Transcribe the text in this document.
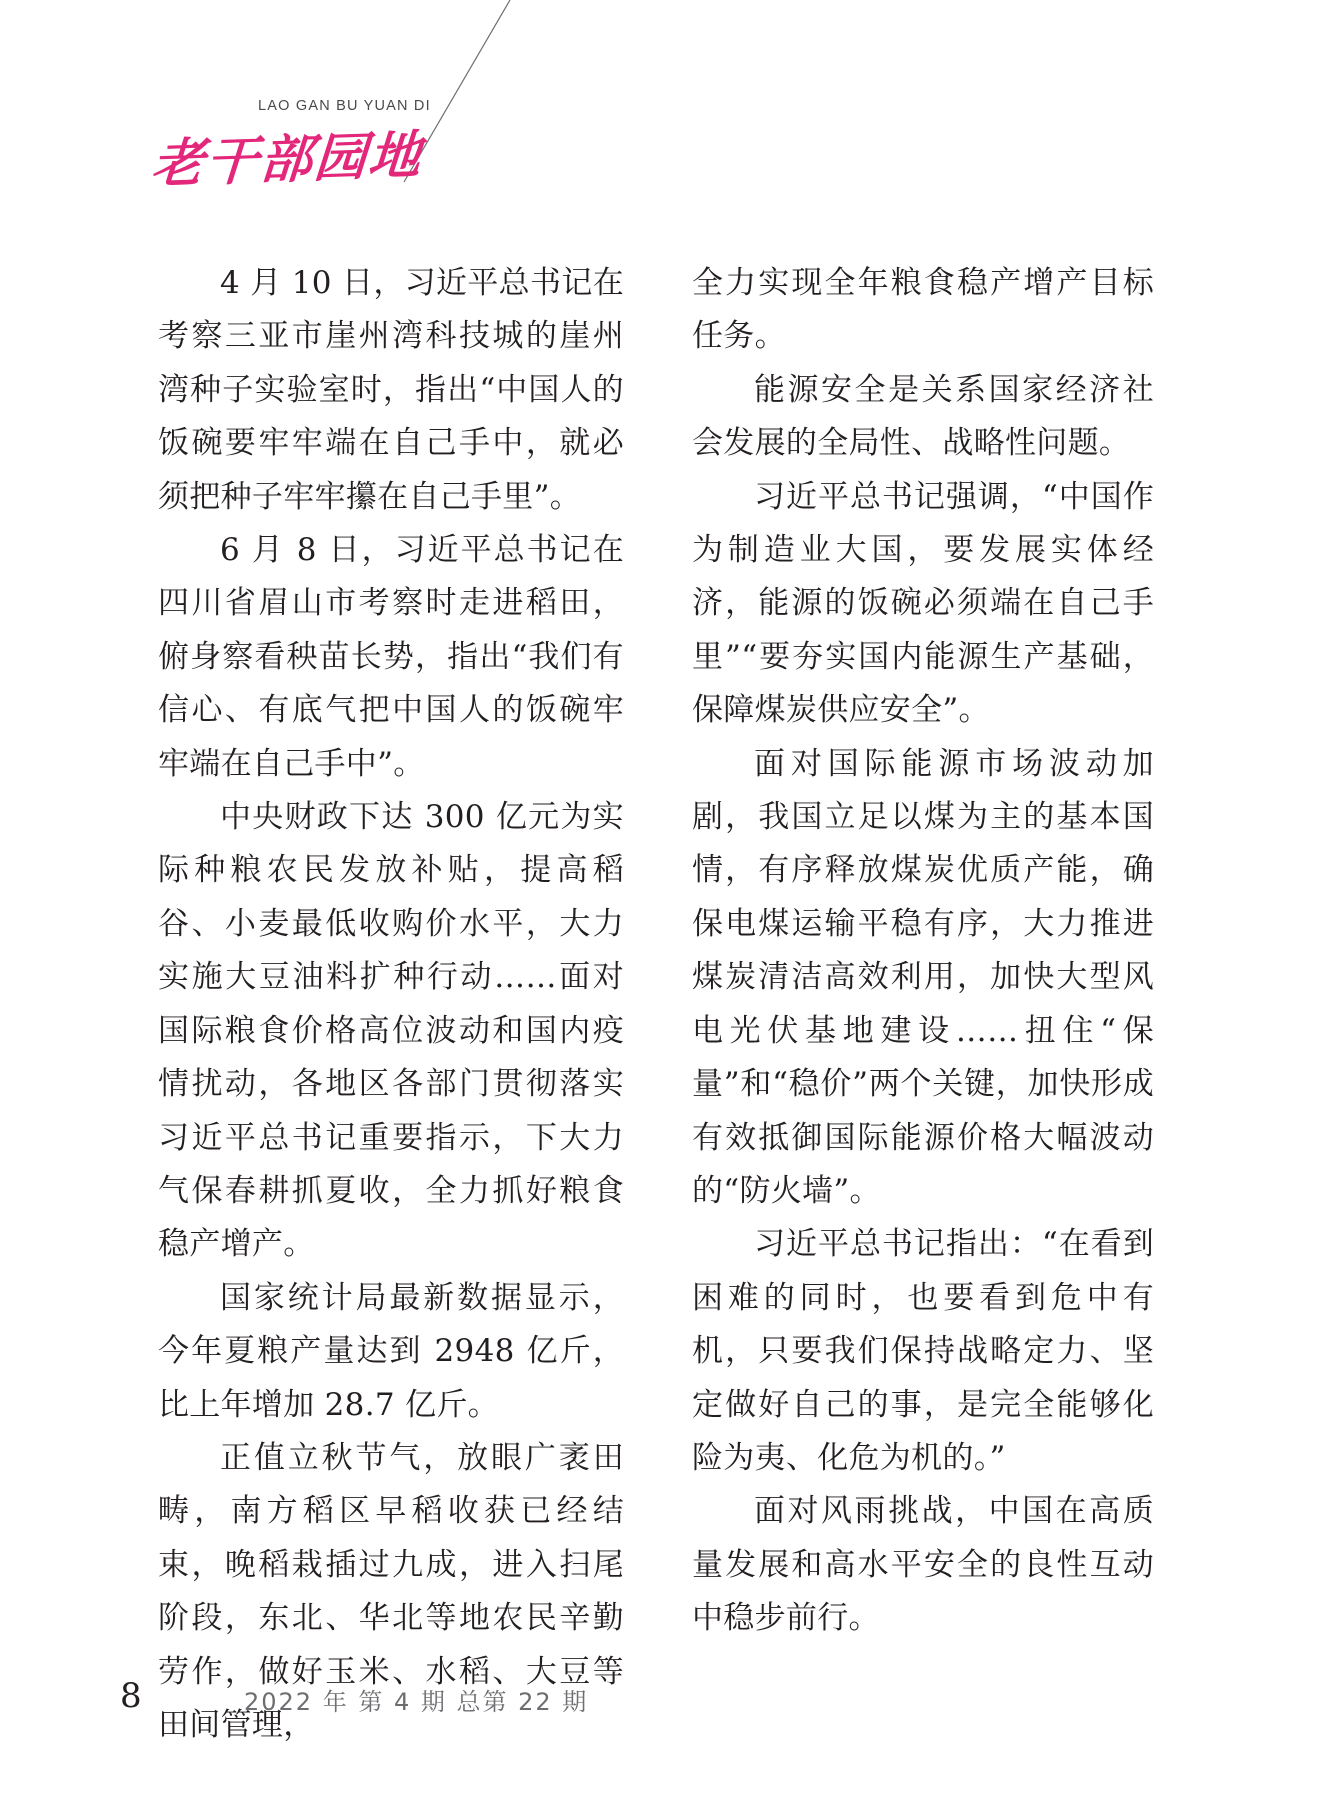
LAO GAN BU YUAN DI
老干部园地

4 月 10 日，习近平总书记在考察三亚市崖州湾科技城的崖州湾种子实验室时，指出“中国人的饭碗要牢牢端在自己手中，就必须把种子牢牢攥在自己手里”。

6 月 8 日，习近平总书记在四川省眉山市考察时走进稻田，俯身察看秧苗长势，指出“我们有信心、有底气把中国人的饭碗牢牢端在自己手中”。

中央财政下达 300 亿元为实际种粮农民发放补贴，提高稻谷、小麦最低收购价水平，大力实施大豆油料扩种行动……面对国际粮食价格高位波动和国内疫情扰动，各地区各部门贯彻落实习近平总书记重要指示，下大力气保春耕抓夏收，全力抓好粮食稳产增产。

国家统计局最新数据显示，今年夏粮产量达到 2948 亿斤，比上年增加 28.7 亿斤。

正值立秋节气，放眼广袤田畴，南方稻区早稻收获已经结束，晚稻栽插过九成，进入扫尾阶段，东北、华北等地农民辛勤劳作，做好玉米、水稻、大豆等田间管理，

全力实现全年粮食稳产增产目标任务。

能源安全是关系国家经济社会发展的全局性、战略性问题。

习近平总书记强调，“中国作为制造业大国，要发展实体经济，能源的饭碗必须端在自己手里”“要夯实国内能源生产基础，保障煤炭供应安全”。

面对国际能源市场波动加剧，我国立足以煤为主的基本国情，有序释放煤炭优质产能，确保电煤运输平稳有序，大力推进煤炭清洁高效利用，加快大型风电光伏基地建设……扭住“保量”和“稳价”两个关键，加快形成有效抵御国际能源价格大幅波动的“防火墙”。

习近平总书记指出：“在看到困难的同时，也要看到危中有机，只要我们保持战略定力、坚定做好自己的事，是完全能够化险为夷、化危为机的。”

面对风雨挑战，中国在高质量发展和高水平安全的良性互动中稳步前行。

8	2022 年 第 4 期 总第 22 期
